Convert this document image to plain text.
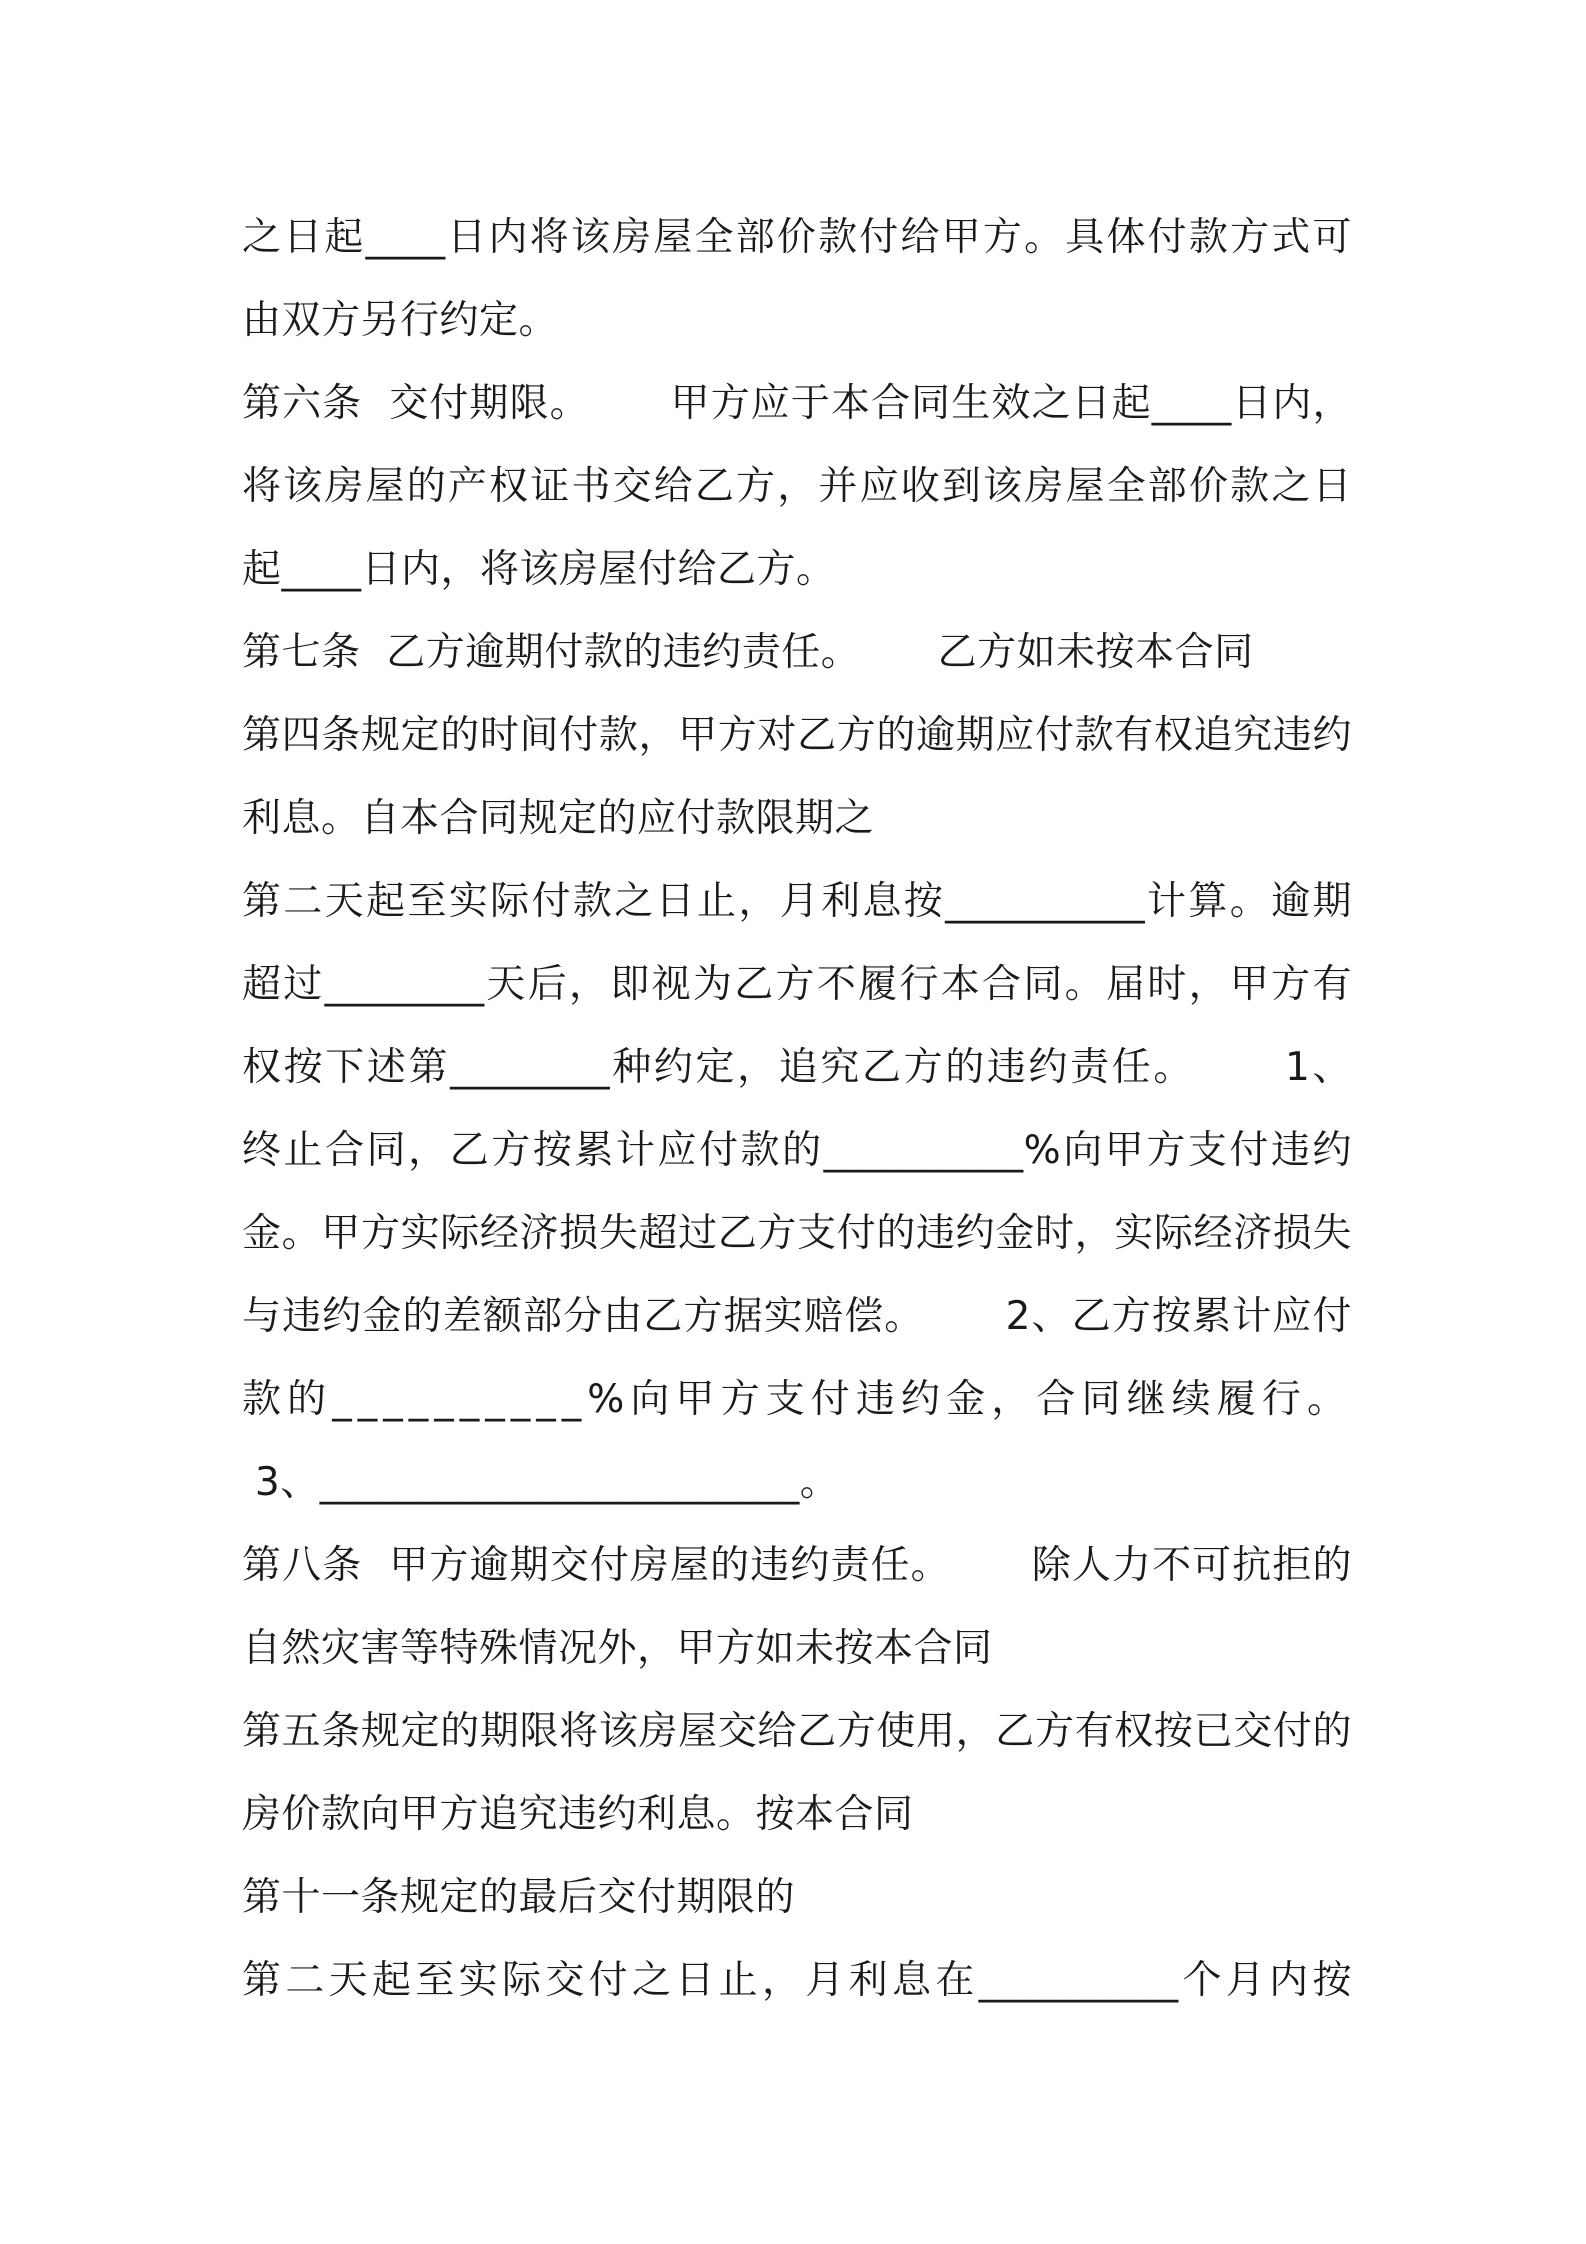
之日起____日内将该房屋全部价款付给甲方。具体付款方式可
由双方另行约定。
第六条  交付期限。      甲方应于本合同生效之日起____日内，
将该房屋的产权证书交给乙方，并应收到该房屋全部价款之日
起____日内，将该房屋付给乙方。
第七条  乙方逾期付款的违约责任。      乙方如未按本合同
第四条规定的时间付款，甲方对乙方的逾期应付款有权追究违约
利息。自本合同规定的应付款限期之
第二天起至实际付款之日止，月利息按__________计算。逾期
超过________天后，即视为乙方不履行本合同。届时，甲方有
权按下述第________种约定，追究乙方的违约责任。      1、
终止合同，乙方按累计应付款的__________%向甲方支付违约
金。甲方实际经济损失超过乙方支付的违约金时，实际经济损失
与违约金的差额部分由乙方据实赔偿。      2、乙方按累计应付
款的__________%向甲方支付违约金，合同继续履行。
3、________________________。
第八条  甲方逾期交付房屋的违约责任。      除人力不可抗拒的
自然灾害等特殊情况外，甲方如未按本合同
第五条规定的期限将该房屋交给乙方使用，乙方有权按已交付的
房价款向甲方追究违约利息。按本合同
第十一条规定的最后交付期限的
第二天起至实际交付之日止，月利息在__________个月内按
